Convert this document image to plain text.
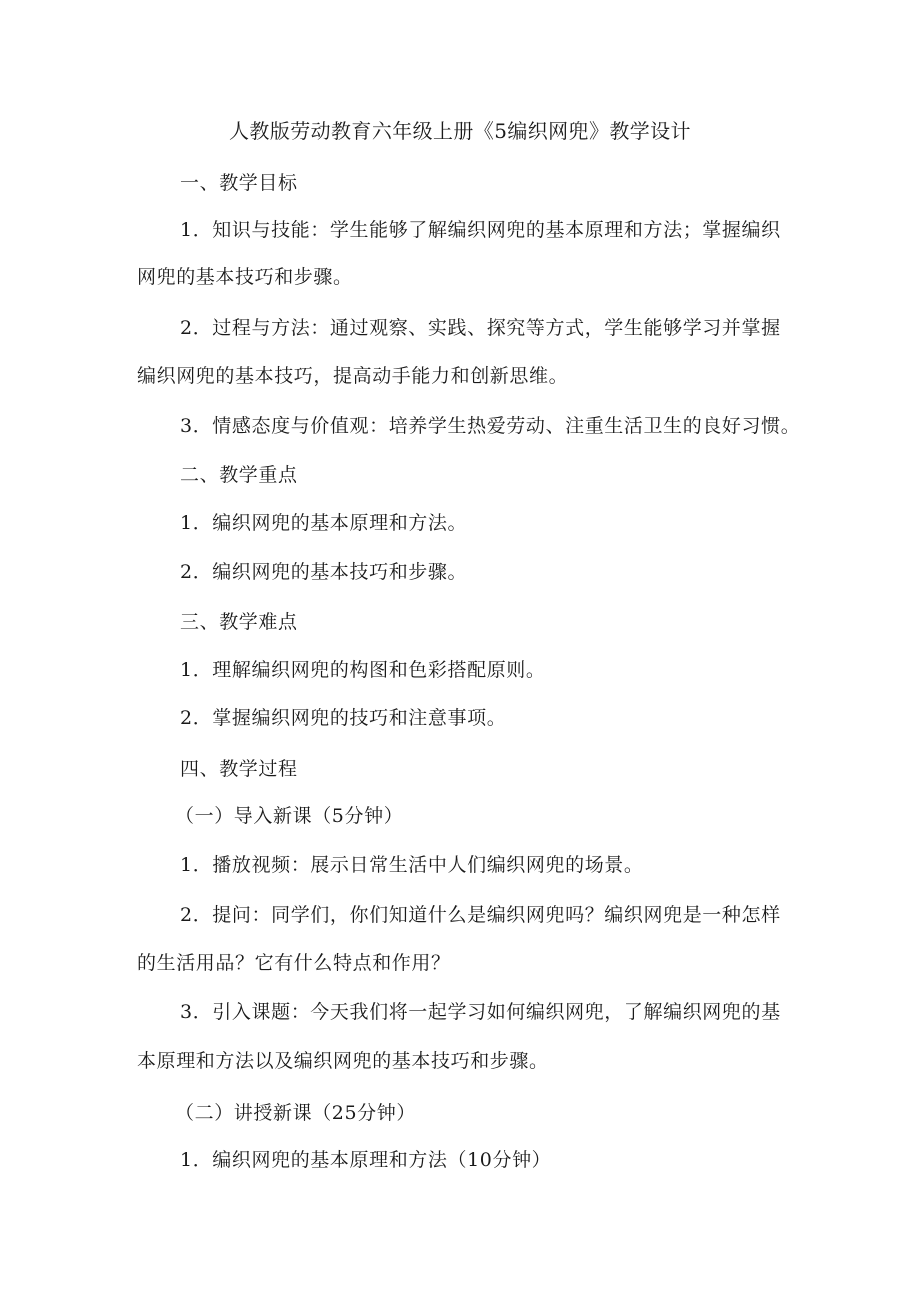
人教版劳动教育六年级上册《5编织网兜》教学设计
一、教学目标
1．知识与技能：学生能够了解编织网兜的基本原理和方法；掌握编织
网兜的基本技巧和步骤。
2．过程与方法：通过观察、实践、探究等方式，学生能够学习并掌握
编织网兜的基本技巧，提高动手能力和创新思维。
3．情感态度与价值观：培养学生热爱劳动、注重生活卫生的良好习惯。
二、教学重点
1．编织网兜的基本原理和方法。
2．编织网兜的基本技巧和步骤。
三、教学难点
1．理解编织网兜的构图和色彩搭配原则。
2．掌握编织网兜的技巧和注意事项。
四、教学过程
（一）导入新课（5分钟）
1．播放视频：展示日常生活中人们编织网兜的场景。
2．提问：同学们，你们知道什么是编织网兜吗？编织网兜是一种怎样
的生活用品？它有什么特点和作用？
3．引入课题：今天我们将一起学习如何编织网兜，了解编织网兜的基
本原理和方法以及编织网兜的基本技巧和步骤。
（二）讲授新课（25分钟）
1．编织网兜的基本原理和方法（10分钟）
